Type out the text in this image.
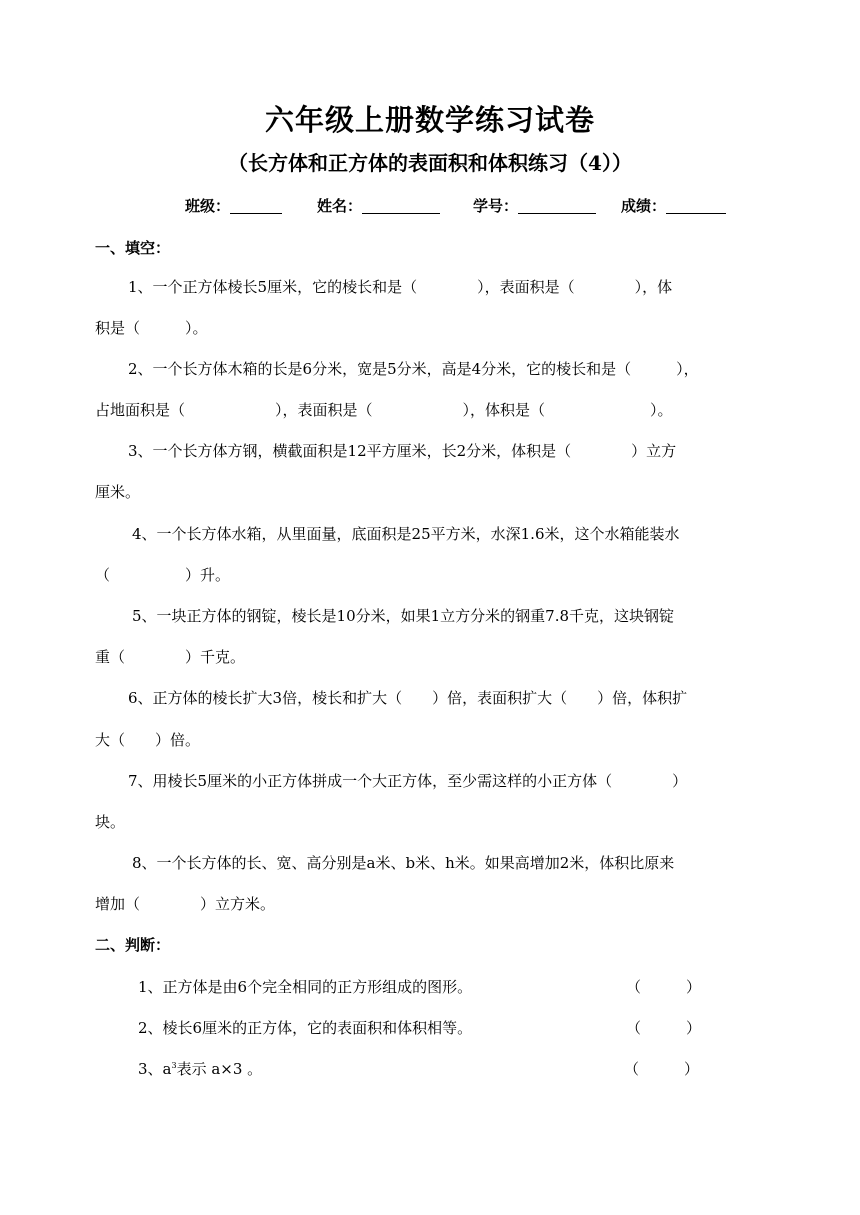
六年级上册数学练习试卷
（长方体和正方体的表面积和体积练习（4））
班级：	姓名：	学号：	成绩：
一、填空：
1、一个正方体棱长5厘米，它的棱长和是（　　　　），表面积是（　　　　），体
积是（　　　）。
2、一个长方体木箱的长是6分米，宽是5分米，高是4分米，它的棱长和是（　　　），
占地面积是（　　　　　　），表面积是（　　　　　　），体积是（　　　　　　　）。
3、一个长方体方钢，横截面积是12平方厘米，长2分米，体积是（　　　　）立方
厘米。
4、一个长方体水箱，从里面量，底面积是25平方米，水深1.6米，这个水箱能装水
（　　　　　）升。
5、一块正方体的钢锭，棱长是10分米，如果1立方分米的钢重7.8千克，这块钢锭
重（　　　　）千克。
6、正方体的棱长扩大3倍，棱长和扩大（　　）倍，表面积扩大（　　）倍，体积扩
大（　　）倍。
7、用棱长5厘米的小正方体拼成一个大正方体，至少需这样的小正方体（　　　　）
块。
8、一个长方体的长、宽、高分别是a米、b米、h米。如果高增加2米，体积比原来
增加（　　　　）立方米。
二、判断：
1、正方体是由6个完全相同的正方形组成的图形。	（　　　）
2、棱长6厘米的正方体，它的表面积和体积相等。	（　　　）
3、$a^3$表示 a×3 。	（　　　）
